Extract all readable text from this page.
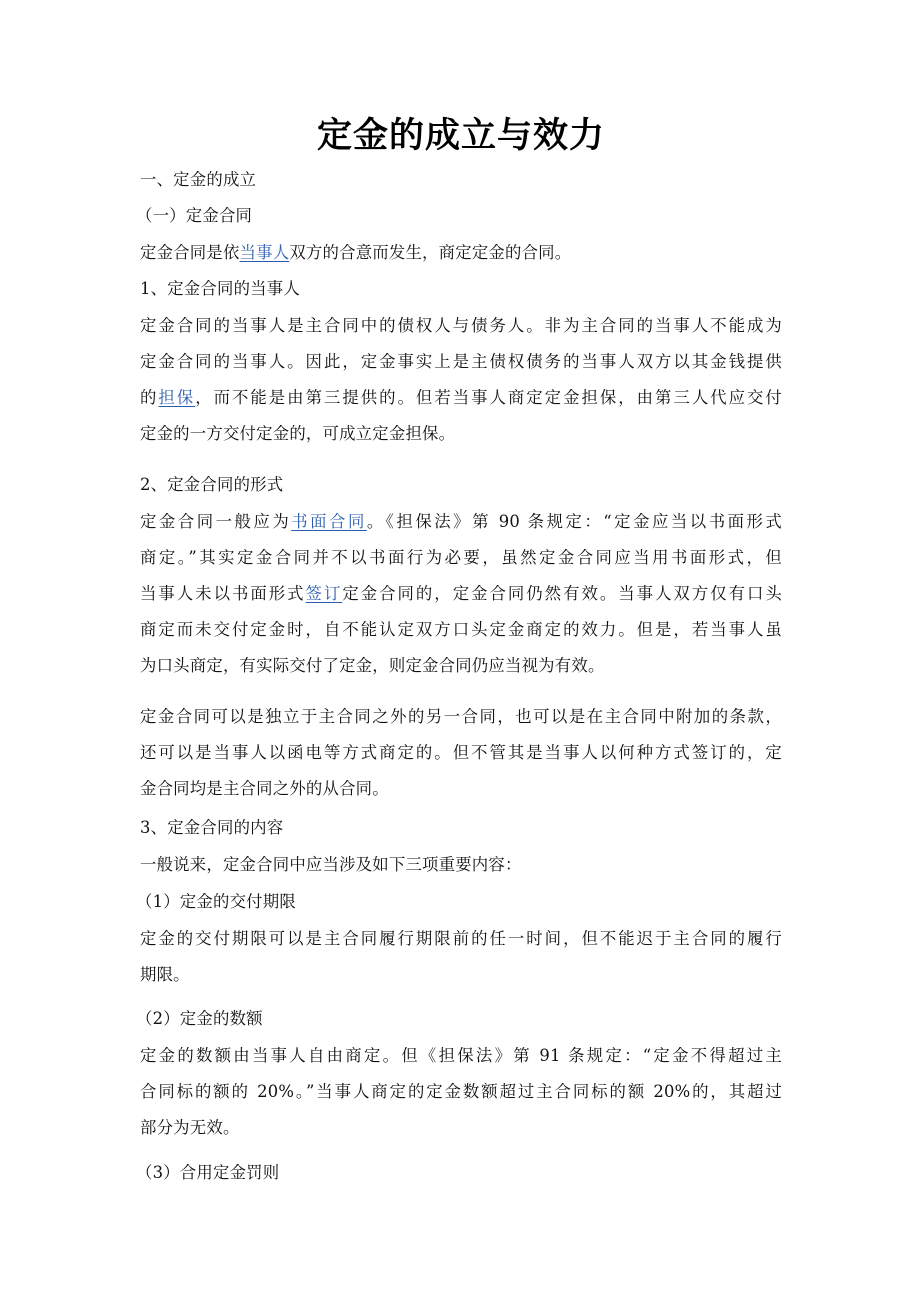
定金的成立与效力
一、定金的成立
（一）定金合同
定金合同是依当事人双方的合意而发生，商定定金的合同。
1、定金合同的当事人
定金合同的当事人是主合同中的债权人与债务人。非为主合同的当事人不能成为
定金合同的当事人。因此，定金事实上是主债权债务的当事人双方以其金钱提供
的担保，而不能是由第三提供的。但若当事人商定定金担保，由第三人代应交付
定金的一方交付定金的，可成立定金担保。
2、定金合同的形式
定金合同一般应为书面合同。《担保法》第 90 条规定：“定金应当以书面形式
商定。”其实定金合同并不以书面行为必要，虽然定金合同应当用书面形式，但
当事人未以书面形式签订定金合同的，定金合同仍然有效。当事人双方仅有口头
商定而未交付定金时，自不能认定双方口头定金商定的效力。但是，若当事人虽
为口头商定，有实际交付了定金，则定金合同仍应当视为有效。
定金合同可以是独立于主合同之外的另一合同，也可以是在主合同中附加的条款，
还可以是当事人以函电等方式商定的。但不管其是当事人以何种方式签订的，定
金合同均是主合同之外的从合同。
3、定金合同的内容
一般说来，定金合同中应当涉及如下三项重要内容：
（1）定金的交付期限
定金的交付期限可以是主合同履行期限前的任一时间，但不能迟于主合同的履行
期限。
（2）定金的数额
定金的数额由当事人自由商定。但《担保法》第 91 条规定：“定金不得超过主
合同标的额的 20%。”当事人商定的定金数额超过主合同标的额 20%的，其超过
部分为无效。
（3）合用定金罚则
